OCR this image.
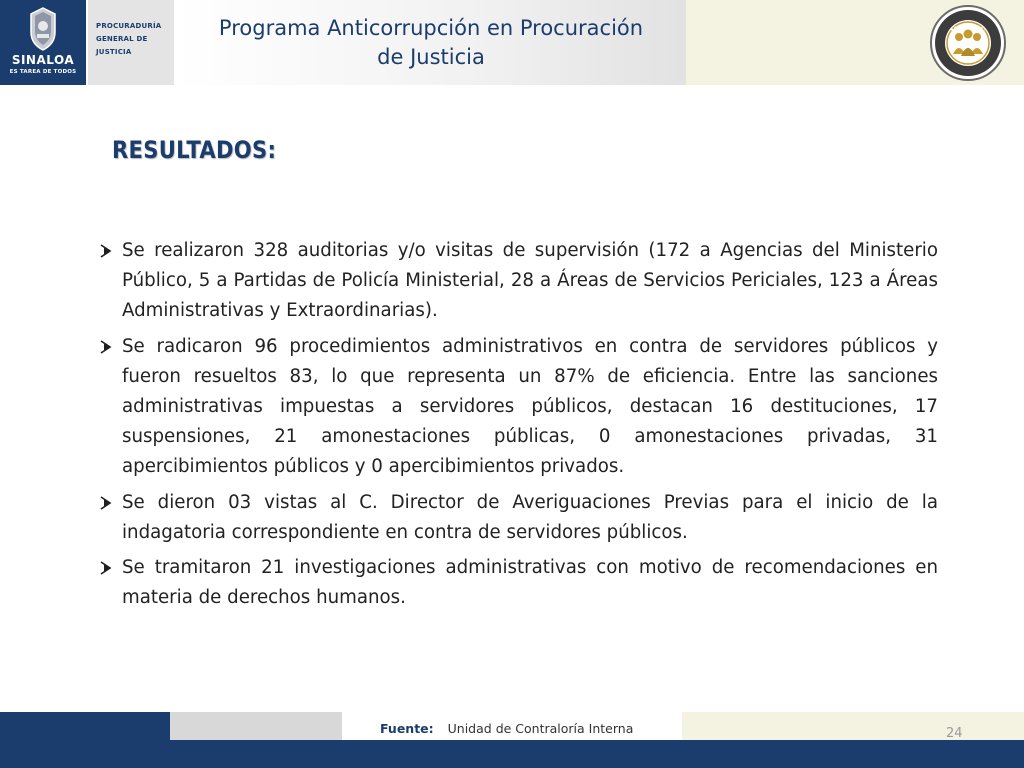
SINALOA
ES TAREA DE TODOS
PROCURADURÍA
GENERAL DE
JUSTICIA
Programa Anticorrupción en Procuración
de Justicia
RESULTADOS:
Se realizaron 328 auditorias y/o visitas de supervisión (172 a Agencias del Ministerio Público, 5 a Partidas de Policía Ministerial, 28 a Áreas de Servicios Periciales, 123 a Áreas Administrativas y Extraordinarias).
Se radicaron 96 procedimientos administrativos en contra de servidores públicos y fueron resueltos 83, lo que representa un 87% de eficiencia. Entre las sanciones administrativas impuestas a servidores públicos, destacan 16 destituciones, 17 suspensiones, 21 amonestaciones públicas, 0 amonestaciones privadas, 31 apercibimientos públicos y 0 apercibimientos privados.
Se dieron 03 vistas al C. Director de Averiguaciones Previas para el inicio de la indagatoria correspondiente en contra de servidores públicos.
Se tramitaron 21 investigaciones administrativas con motivo de recomendaciones en materia de derechos humanos.
Fuente: Unidad de Contraloría Interna	24
